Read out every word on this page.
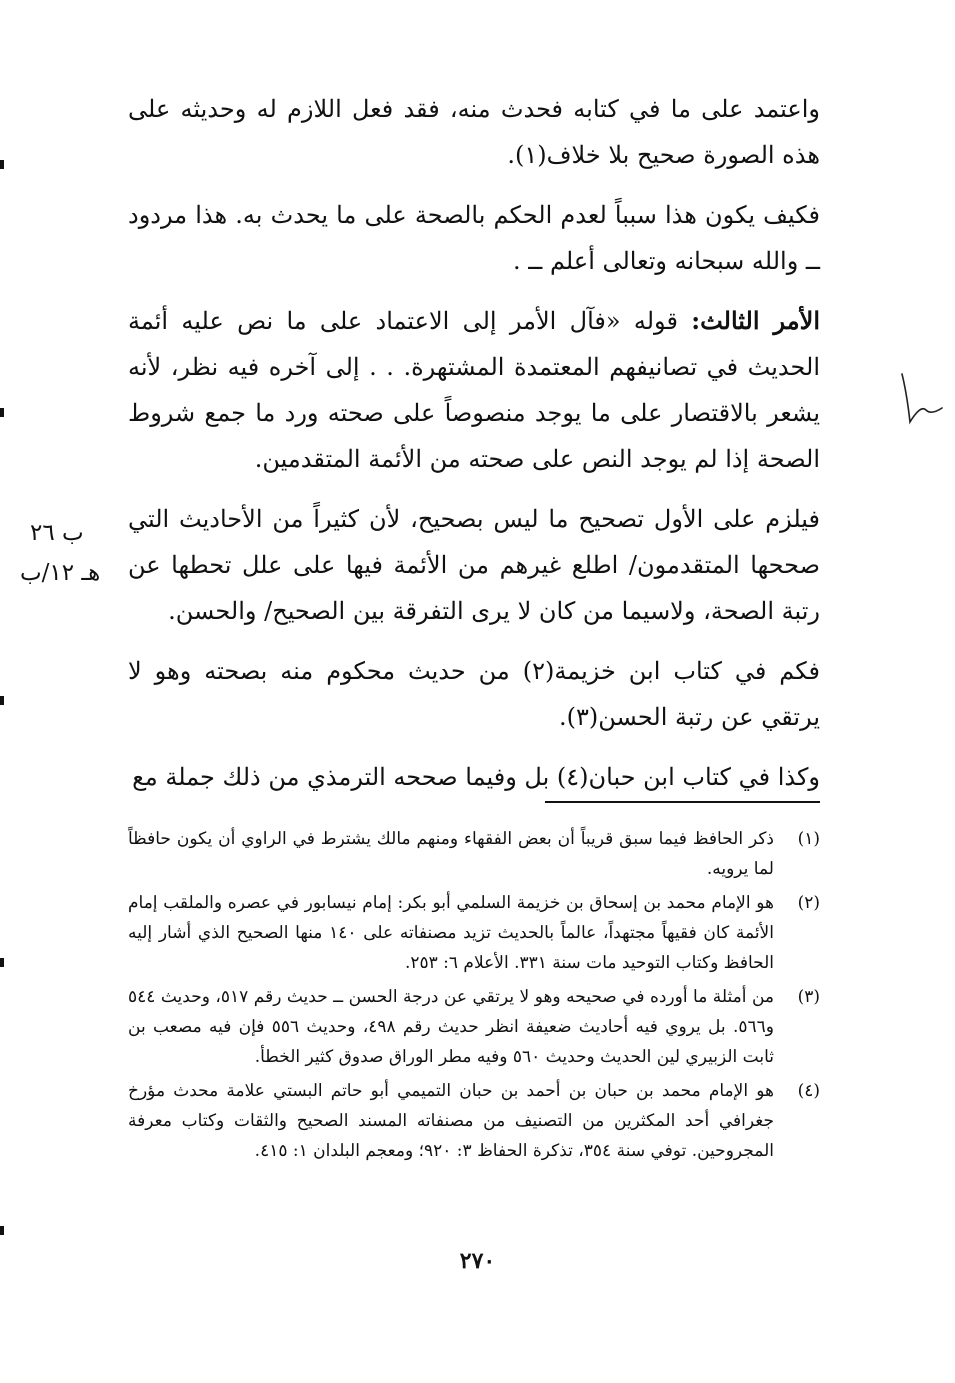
واعتمد على ما في كتابه فحدث منه، فقد فعل اللازم له وحديثه على هذه الصورة صحيح بلا خلاف(١).

فكيف يكون هذا سبباً لعدم الحكم بالصحة على ما يحدث به. هذا مردود ــ والله سبحانه وتعالى أعلم ــ .

الأمر الثالث: قوله «فآل الأمر إلى الاعتماد على ما نص عليه أئمة الحديث في تصانيفهم المعتمدة المشتهرة. . . إلى آخره فيه نظر، لأنه يشعر بالاقتصار على ما يوجد منصوصاً على صحته ورد ما جمع شروط الصحة إذا لم يوجد النص على صحته من الأئمة المتقدمين.

فيلزم على الأول تصحيح ما ليس بصحيح، لأن كثيراً من الأحاديث التي صححها المتقدمون/ اطلع غيرهم من الأئمة فيها على علل تحطها عن رتبة الصحة، ولاسيما من كان لا يرى التفرقة بين الصحيح/ والحسن.

فكم في كتاب ابن خزيمة(٢) من حديث محكوم منه بصحته وهو لا يرتقي عن رتبة الحسن(٣).

وكذا في كتاب ابن حبان(٤) بل وفيما صححه الترمذي من ذلك جملة مع

ب ٢٦
هـ ١٢/ب
(١)
ذكر الحافظ فيما سبق قريباً أن بعض الفقهاء ومنهم مالك يشترط في الراوي أن يكون حافظاً لما يرويه.
(٢)
هو الإمام محمد بن إسحاق بن خزيمة السلمي أبو بكر: إمام نيسابور في عصره والملقب إمام الأئمة كان فقيهاً مجتهداً، عالماً بالحديث تزيد مصنفاته على ١٤٠ منها الصحيح الذي أشار إليه الحافظ وكتاب التوحيد مات سنة ٣٣١. الأعلام ٦: ٢٥٣.
(٣)
من أمثلة ما أورده في صحيحه وهو لا يرتقي عن درجة الحسن ــ حديث رقم ٥١٧، وحديث ٥٤٤ و٥٦٦. بل يروي فيه أحاديث ضعيفة انظر حديث رقم ٤٩٨، وحديث ٥٥٦ فإن فيه مصعب بن ثابت الزبيري لين الحديث وحديث ٥٦٠ وفيه مطر الوراق صدوق كثير الخطأ.
(٤)
هو الإمام محمد بن حبان بن أحمد بن حبان التميمي أبو حاتم البستي علامة محدث مؤرخ جغرافي أحد المكثرين من التصنيف من مصنفاته المسند الصحيح والثقات وكتاب معرفة المجروحين. توفي سنة ٣٥٤، تذكرة الحفاظ ٣: ٩٢٠؛ ومعجم البلدان ١: ٤١٥.
٢٧٠
